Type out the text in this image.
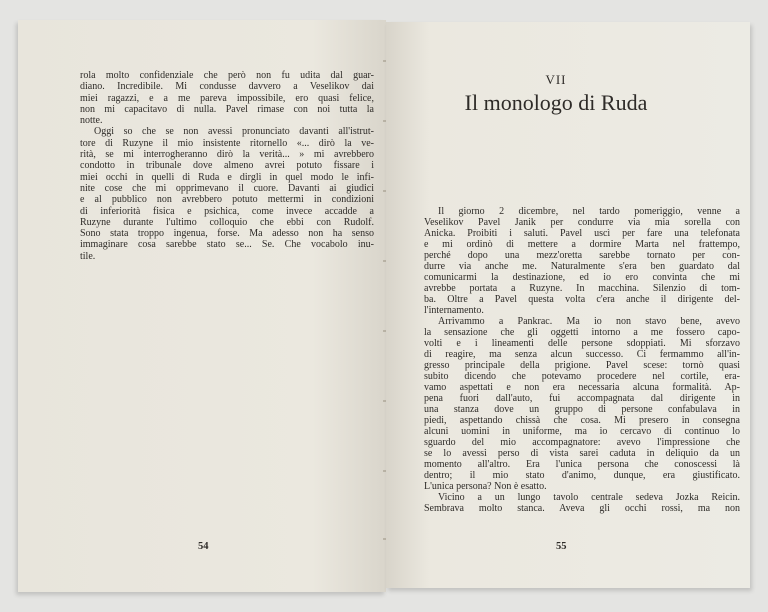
rola molto confidenziale che però non fu udita dal guar-
diano. Incredibile. Mi condusse davvero a Veselikov dai
miei ragazzi, e a me pareva impossibile, ero quasi felice,
non mi capacitavo di nulla. Pavel rimase con noi tutta la
notte.
Oggi so che se non avessi pronunciato davanti all'istrut-
tore di Ruzyne il mio insistente ritornello «... dirò la ve-
rità, se mi interrogheranno dirò la verità... » mi avrebbero
condotto in tribunale dove almeno avrei potuto fissare i
miei occhi in quelli di Ruda e dirgli in quel modo le infi-
nite cose che mi opprimevano il cuore. Davanti ai giudici
e al pubblico non avrebbero potuto mettermi in condizioni
di inferiorità fisica e psichica, come invece accadde a
Ruzyne durante l'ultimo colloquio che ebbi con Rudolf.
Sono stata troppo ingenua, forse. Ma adesso non ha senso
immaginare cosa sarebbe stato se... Se. Che vocabolo inu-
tile.
54
VII
Il monologo di Ruda
Il giorno 2 dicembre, nel tardo pomeriggio, venne a
Veselikov Pavel Janik per condurre via mia sorella con
Anicka. Proibiti i saluti. Pavel uscì per fare una telefonata
e mi ordinò di mettere a dormire Marta nel frattempo,
perché dopo una mezz'oretta sarebbe tornato per con-
durre via anche me. Naturalmente s'era ben guardato dal
comunicarmi la destinazione, ed io ero convinta che mi
avrebbe portata a Ruzyne. In macchina. Silenzio di tom-
ba. Oltre a Pavel questa volta c'era anche il dirigente del-
l'internamento.
Arrivammo a Pankrac. Ma io non stavo bene, avevo
la sensazione che gli oggetti intorno a me fossero capo-
volti e i lineamenti delle persone sdoppiati. Mi sforzavo
di reagire, ma senza alcun successo. Ci fermammo all'in-
gresso principale della prigione. Pavel scese: tornò quasi
subito dicendo che potevamo procedere nel cortile, era-
vamo aspettati e non era necessaria alcuna formalità. Ap-
pena fuori dall'auto, fui accompagnata dal dirigente in
una stanza dove un gruppo di persone confabulava in
piedi, aspettando chissà che cosa. Mi presero in consegna
alcuni uomini in uniforme, ma io cercavo di continuo lo
sguardo del mio accompagnatore: avevo l'impressione che
se lo avessi perso di vista sarei caduta in deliquio da un
momento all'altro. Era l'unica persona che conoscessi là
dentro; il mio stato d'animo, dunque, era giustificato.
L'unica persona? Non è esatto.
Vicino a un lungo tavolo centrale sedeva Jozka Reicin.
Sembrava molto stanca. Aveva gli occhi rossi, ma non
55
